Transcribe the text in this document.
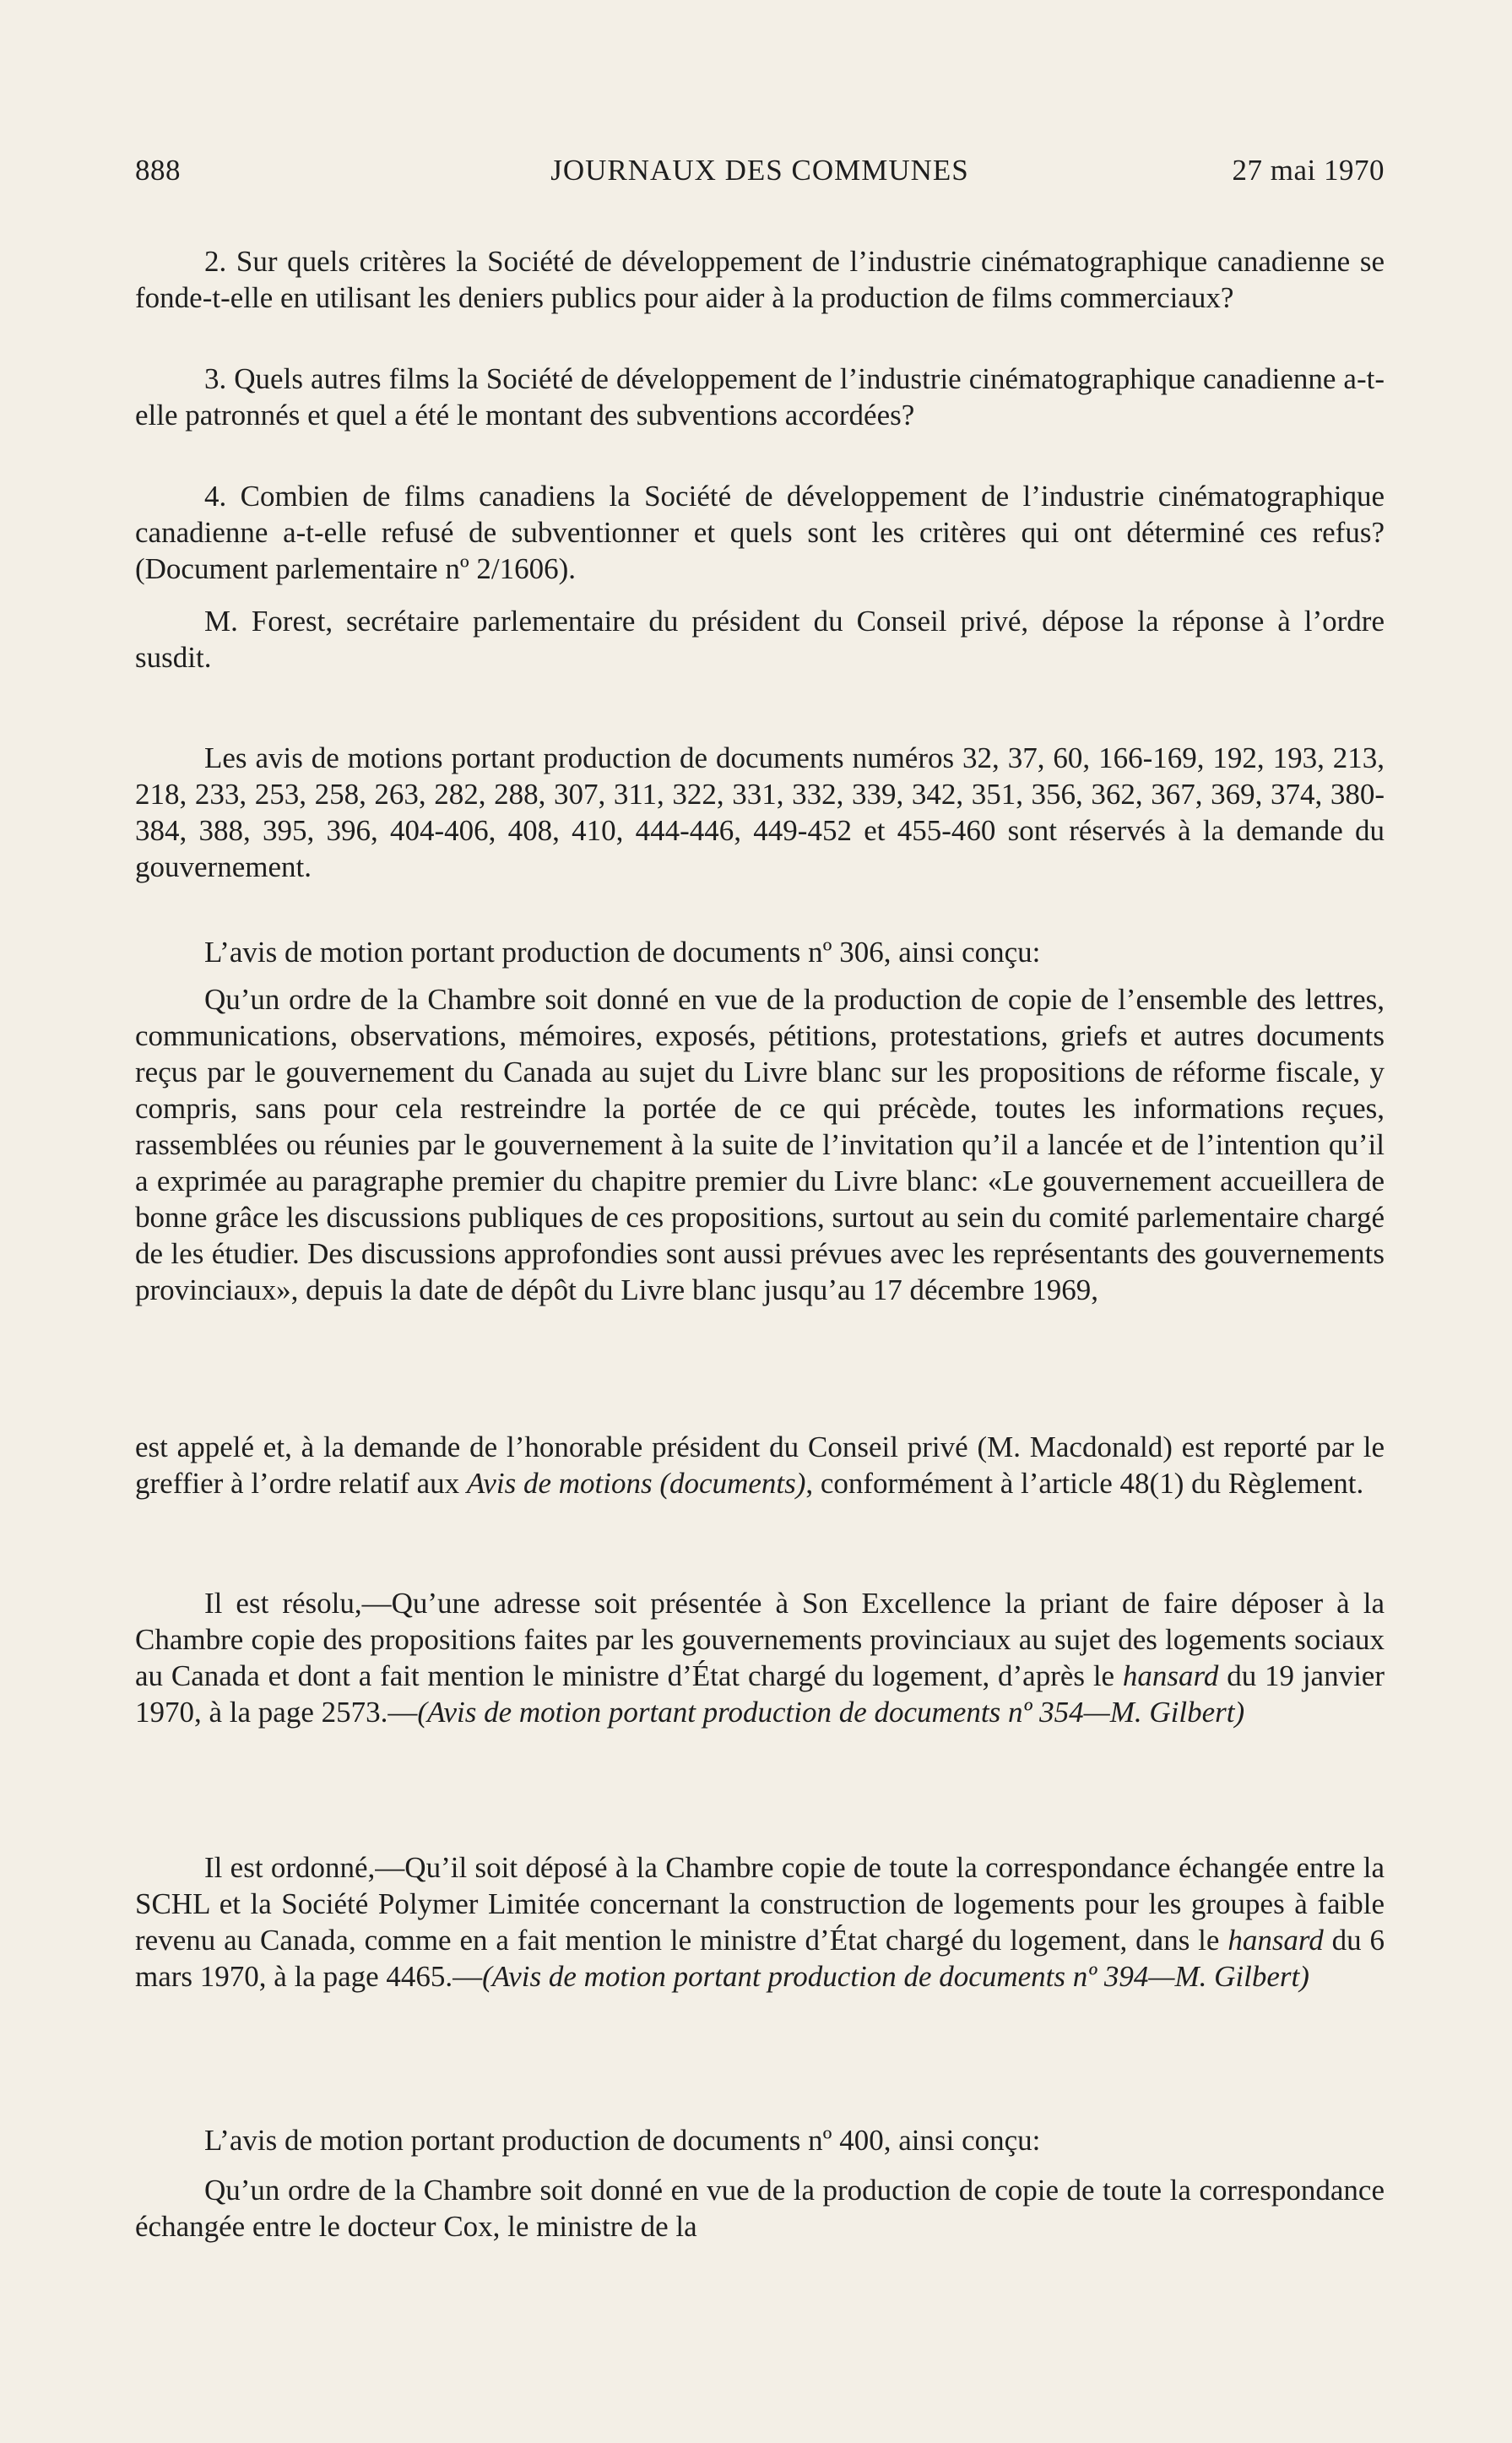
888	JOURNAUX DES COMMUNES	27 mai 1970

2. Sur quels critères la Société de développement de l’industrie cinématographique canadienne se fonde-t-elle en utilisant les deniers publics pour aider à la production de films commerciaux?

3. Quels autres films la Société de développement de l’industrie cinématographique canadienne a-t-elle patronnés et quel a été le montant des subventions accordées?

4. Combien de films canadiens la Société de développement de l’industrie cinématographique canadienne a-t-elle refusé de subventionner et quels sont les critères qui ont déterminé ces refus? (Document parlementaire nº 2/1606).

M. Forest, secrétaire parlementaire du président du Conseil privé, dépose la réponse à l’ordre susdit.

Les avis de motions portant production de documents numéros 32, 37, 60, 166-169, 192, 193, 213, 218, 233, 253, 258, 263, 282, 288, 307, 311, 322, 331, 332, 339, 342, 351, 356, 362, 367, 369, 374, 380-384, 388, 395, 396, 404-406, 408, 410, 444-446, 449-452 et 455-460 sont réservés à la demande du gouvernement.

L’avis de motion portant production de documents nº 306, ainsi conçu:

Qu’un ordre de la Chambre soit donné en vue de la production de copie de l’ensemble des lettres, communications, observations, mémoires, exposés, pétitions, protestations, griefs et autres documents reçus par le gouvernement du Canada au sujet du Livre blanc sur les propositions de réforme fiscale, y compris, sans pour cela restreindre la portée de ce qui précède, toutes les informations reçues, rassemblées ou réunies par le gouvernement à la suite de l’invitation qu’il a lancée et de l’intention qu’il a exprimée au paragraphe premier du chapitre premier du Livre blanc: «Le gouvernement accueillera de bonne grâce les discussions publiques de ces propositions, surtout au sein du comité parlementaire chargé de les étudier. Des discussions approfondies sont aussi prévues avec les représentants des gouvernements provinciaux», depuis la date de dépôt du Livre blanc jusqu’au 17 décembre 1969,

est appelé et, à la demande de l’honorable président du Conseil privé (M. Macdonald) est reporté par le greffier à l’ordre relatif aux Avis de motions (documents), conformément à l’article 48(1) du Règlement.

Il est résolu,—Qu’une adresse soit présentée à Son Excellence la priant de faire déposer à la Chambre copie des propositions faites par les gouvernements provinciaux au sujet des logements sociaux au Canada et dont a fait mention le ministre d’État chargé du logement, d’après le hansard du 19 janvier 1970, à la page 2573.—(Avis de motion portant production de documents nº 354—M. Gilbert)

Il est ordonné,—Qu’il soit déposé à la Chambre copie de toute la correspondance échangée entre la SCHL et la Société Polymer Limitée concernant la construction de logements pour les groupes à faible revenu au Canada, comme en a fait mention le ministre d’État chargé du logement, dans le hansard du 6 mars 1970, à la page 4465.—(Avis de motion portant production de documents nº 394—M. Gilbert)

L’avis de motion portant production de documents nº 400, ainsi conçu:

Qu’un ordre de la Chambre soit donné en vue de la production de copie de toute la correspondance échangée entre le docteur Cox, le ministre de la
